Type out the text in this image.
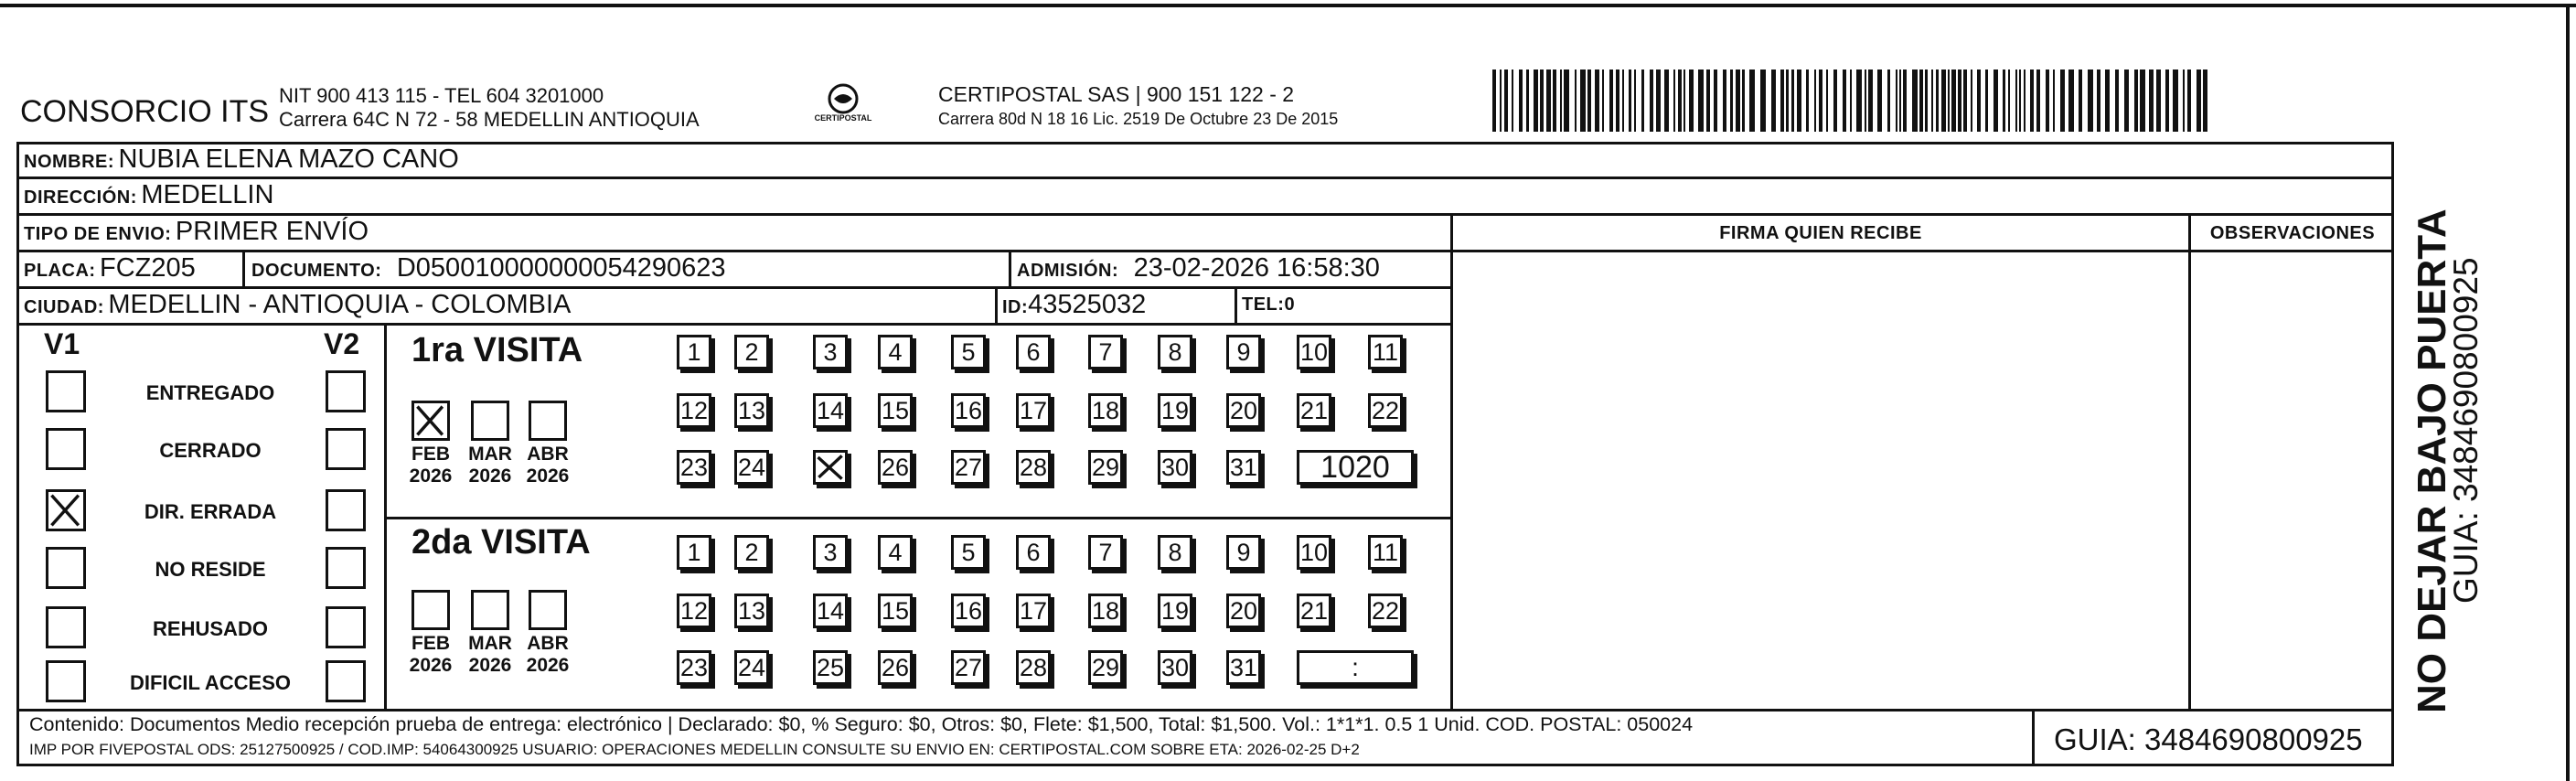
CONSORCIO ITS NIT 900 413 115 - TEL 604 3201000
Carrera 64C N 72 - 58 MEDELLIN ANTIOQUIA	CERTIPOSTAL
CERTIPOSTAL SAS | 900 151 122 - 2
Carrera 80d N 18 16 Lic. 2519 De Octubre 23 De 2015
NOMBRE: NUBIA ELENA MAZO CANO
DIRECCIÓN: MEDELLIN
TIPO DE ENVIO: PRIMER ENVÍO	FIRMA QUIEN RECIBE	OBSERVACIONES
PLACA: FCZ205	DOCUMENTO: D050010000000054290623	ADMISIÓN: 23-02-2026 16:58:30
CIUDAD: MEDELLIN - ANTIOQUIA - COLOMBIA	ID:43525032	TEL:0
V1	V2
ENTREGADO
CERRADO
DIR. ERRADA
NO RESIDE
REHUSADO
DIFICIL ACCESO
1ra VISITA
2da VISITA
FEB
2026
MAR
2026
ABR
2026
1	2	3	4	5	6	7	8	9	10 11
12 13 14 15 16 17 18 19 20 21 22
23 24	26 27 28 29 30 31	1020
FEB
2026
MAR
2026
ABR
2026
1	2	3	4	5	6	7	8	9	10 11
12 13 14 15 16 17 18 19 20 21 22
23 24 25 26 27 28 29 30 31	:	NO DEJAR BAJO PUERTA
GUIA: 3484690800925
Contenido: Documentos Medio recepción prueba de entrega: electrónico | Declarado: $0, % Seguro: $0, Otros: $0, Flete: $1,500, Total: $1,500. Vol.: 1*1*1. 0.5 1 Unid. COD. POSTAL: 050024
IMP POR FIVEPOSTAL ODS: 25127500925 / COD.IMP: 54064300925 USUARIO: OPERACIONES MEDELLIN CONSULTE SU ENVIO EN: CERTIPOSTAL.COM SOBRE ETA: 2026-02-25 D+2	GUIA: 3484690800925
